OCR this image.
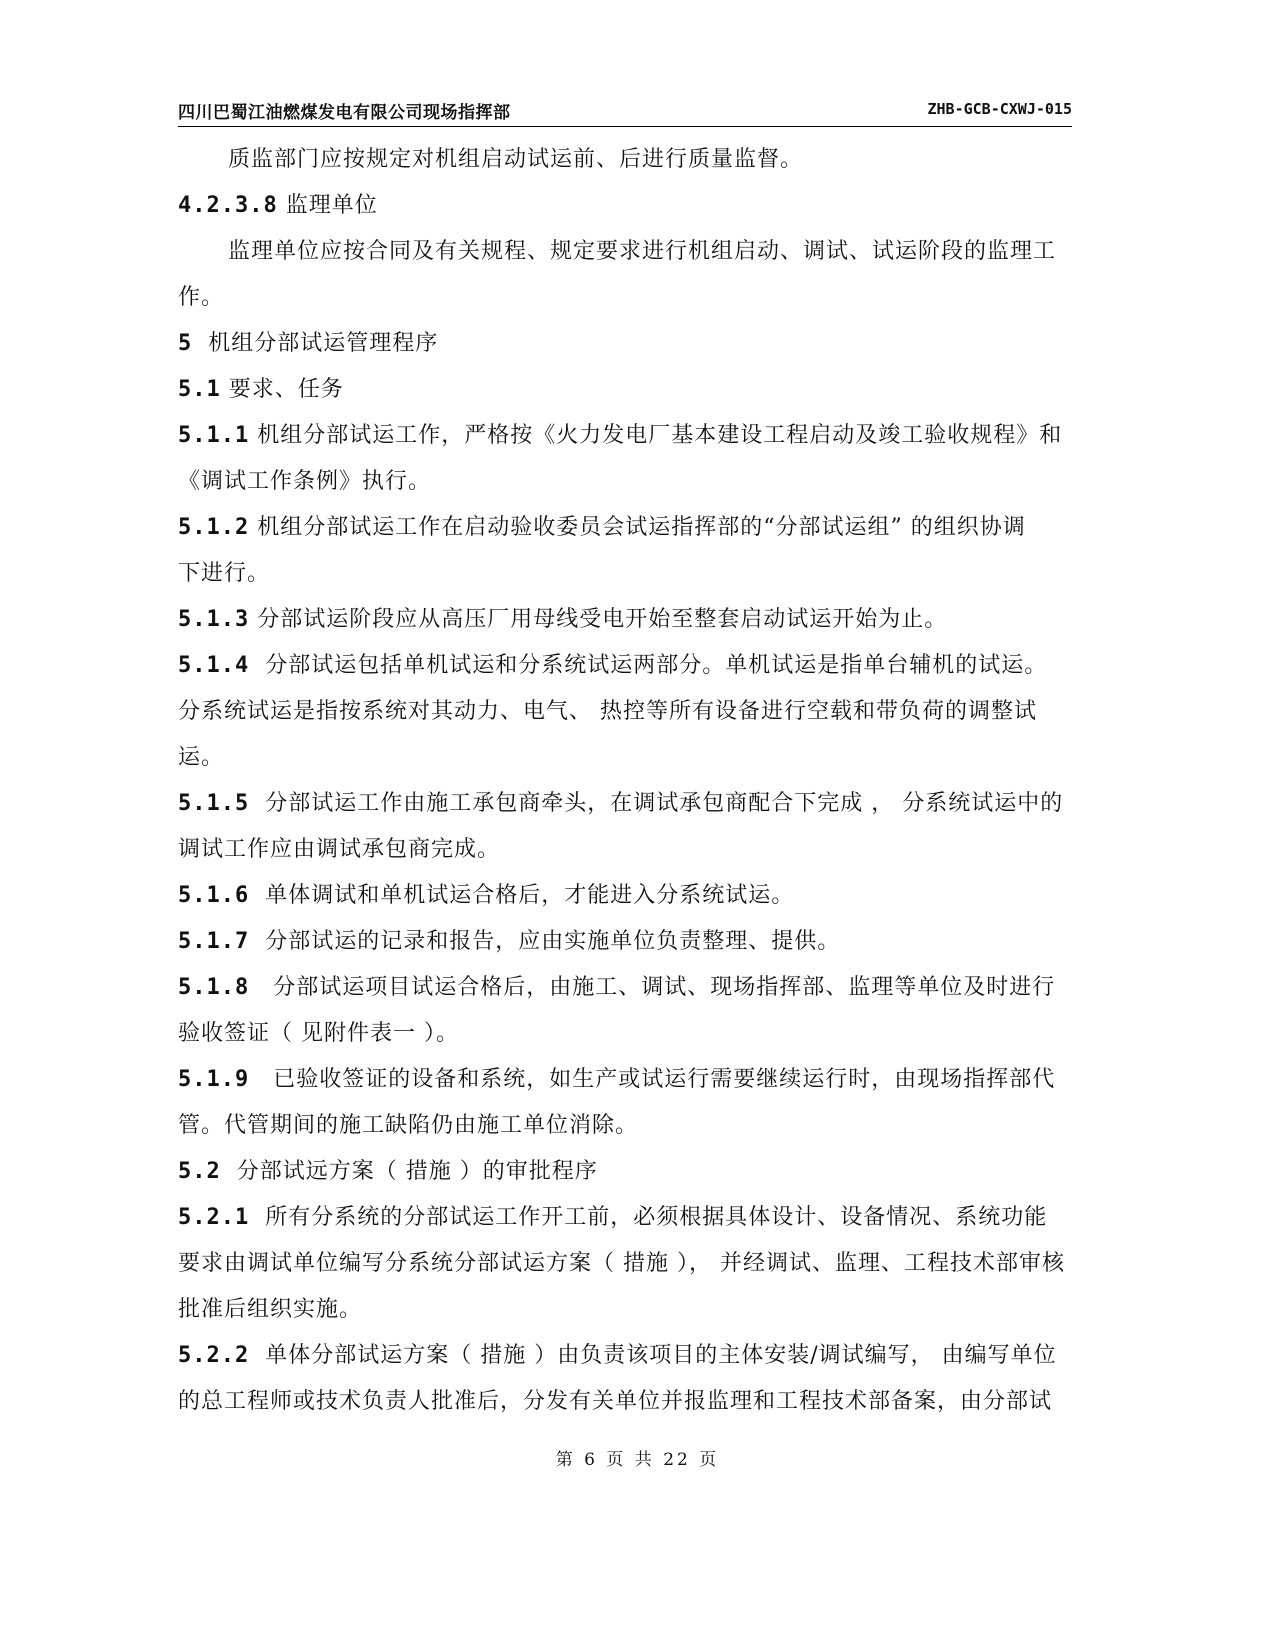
四川巴蜀江油燃煤发电有限公司现场指挥部	ZHB-GCB-CXWJ-015
质监部门应按规定对机组启动试运前、后进行质量监督。
4.2.3.8 监理单位
监理单位应按合同及有关规程、规定要求进行机组启动、调试、试运阶段的监理工
作。
5  机组分部试运管理程序
5.1 要求、任务
5.1.1 机组分部试运工作，严格按《火力发电厂基本建设工程启动及竣工验收规程》和
《调试工作条例》执行。
5.1.2 机组分部试运工作在启动验收委员会试运指挥部的“分部试运组” 的组织协调
下进行。
5.1.3 分部试运阶段应从高压厂用母线受电开始至整套启动试运开始为止。
5.1.4  分部试运包括单机试运和分系统试运两部分。单机试运是指单台辅机的试运。
分系统试运是指按系统对其动力、电气、 热控等所有设备进行空载和带负荷的调整试
运。
5.1.5  分部试运工作由施工承包商牵头，在调试承包商配合下完成 ， 分系统试运中的
调试工作应由调试承包商完成。
5.1.6  单体调试和单机试运合格后，才能进入分系统试运。
5.1.7  分部试运的记录和报告，应由实施单位负责整理、提供。
5.1.8   分部试运项目试运合格后，由施工、调试、现场指挥部、监理等单位及时进行
验收签证（ 见附件表一 ）。
5.1.9   已验收签证的设备和系统，如生产或试运行需要继续运行时，由现场指挥部代
管。代管期间的施工缺陷仍由施工单位消除。
5.2  分部试远方案（ 措施 ）的审批程序
5.2.1  所有分系统的分部试运工作开工前，必须根据具体设计、设备情况、系统功能
要求由调试单位编写分系统分部试运方案（ 措施 ）， 并经调试、监理、工程技术部审核
批准后组织实施。
5.2.2  单体分部试运方案（ 措施 ）由负责该项目的主体安装/调试编写， 由编写单位
的总工程师或技术负责人批准后，分发有关单位并报监理和工程技术部备案，由分部试
第 6 页 共 22 页
